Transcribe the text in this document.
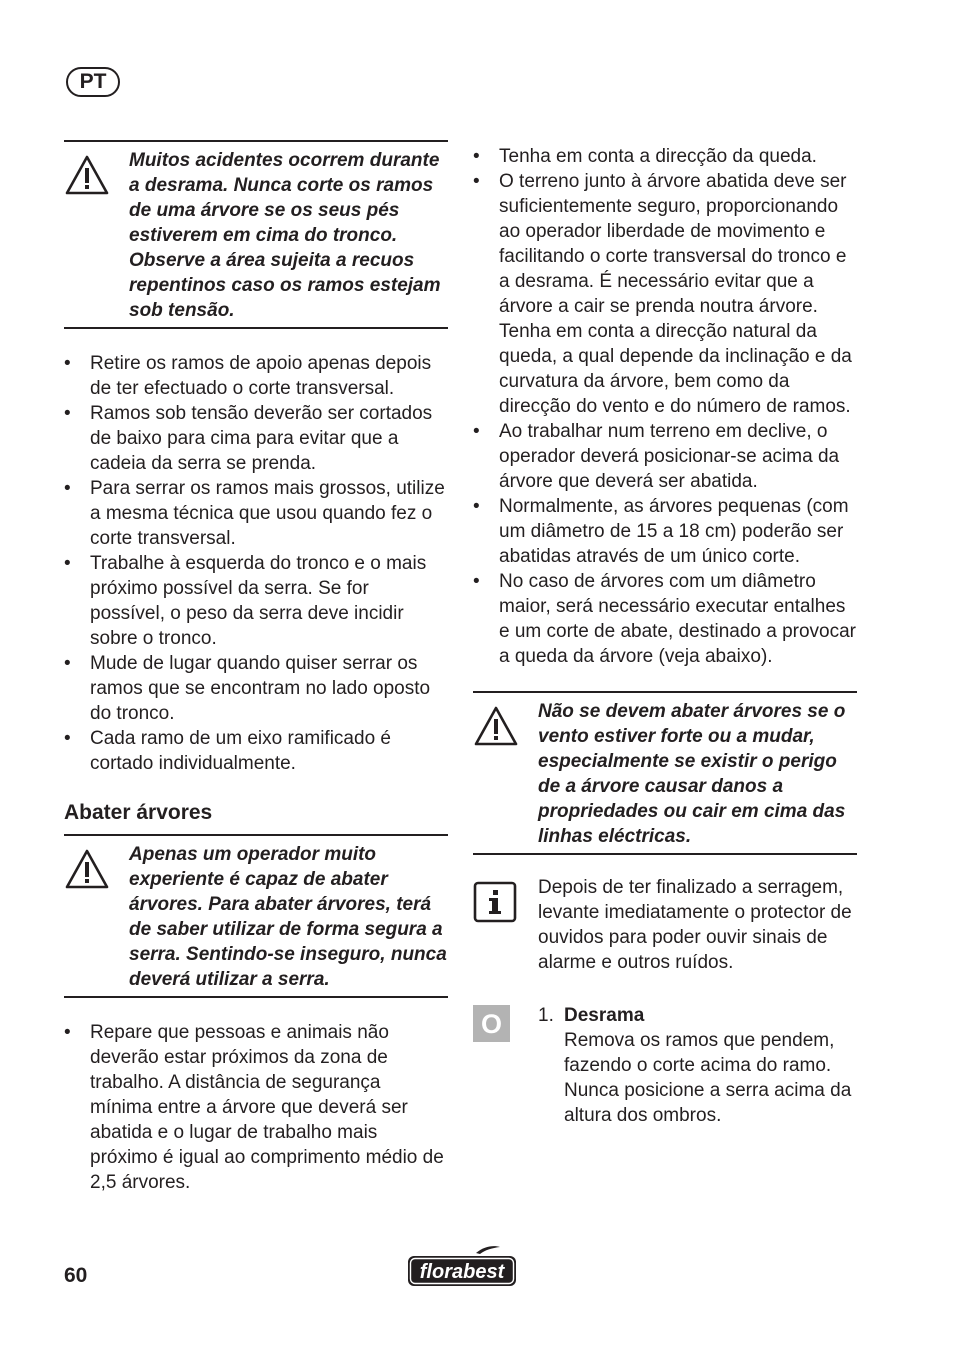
PT

Muitos acidentes ocorrem durante a desrama. Nunca corte os ramos de uma árvore se os seus pés estiverem em cima do tronco. Observe a área sujeita a recuos repentinos caso os ramos estejam sob tensão.

• Retire os ramos de apoio apenas depois de ter efectuado o corte transversal.
• Ramos sob tensão deverão ser cortados de baixo para cima para evitar que a cadeia da serra se prenda.
• Para serrar os ramos mais grossos, utilize a mesma técnica que usou quando fez o corte transversal.
• Trabalhe à esquerda do tronco e o mais próximo possível da serra. Se for possível, o peso da serra deve incidir sobre o tronco.
• Mude de lugar quando quiser serrar os ramos que se encontram no lado oposto do tronco.
• Cada ramo de um eixo ramificado é cortado individualmente.
Abater árvores

Apenas um operador muito experiente é capaz de abater árvores. Para abater árvores, terá de saber utilizar de forma segura a serra. Sentindo-se inseguro, nunca deverá utilizar a serra.

• Repare que pessoas e animais não deverão estar próximos da zona de trabalho. A distância de segurança mínima entre a árvore que deverá ser abatida e o lugar de trabalho mais próximo é igual ao comprimento médio de 2,5 árvores.
• Tenha em conta a direcção da queda.
• O terreno junto à árvore abatida deve ser suficientemente seguro, proporcionando ao operador liberdade de movimento e facilitando o corte transversal do tronco e a desrama. É necessário evitar que a árvore a cair se prenda noutra árvore. Tenha em conta a direcção natural da queda, a qual depende da inclinação e da curvatura da árvore, bem como da direcção do vento e do número de ramos.
• Ao trabalhar num terreno em declive, o operador deverá posicionar-se acima da árvore que deverá ser abatida.
• Normalmente, as árvores pequenas (com um diâmetro de 15 a 18 cm) poderão ser abatidas através de um único corte.
• No caso de árvores com um diâmetro maior, será necessário executar entalhes e um corte de abate, destinado a provocar a queda da árvore (veja abaixo).

Não se devem abater árvores se o vento estiver forte ou a mudar, especialmente se existir o perigo de a árvore causar danos a propriedades ou cair em cima das linhas eléctricas.

Depois de ter finalizado a serragem, levante imediatamente o protector de ouvidos para poder ouvir sinais de alarme e outros ruídos.
O 1. Desrama
Remova os ramos que pendem, fazendo o corte acima do ramo. Nunca posicione a serra acima da altura dos ombros.
60	florabest
